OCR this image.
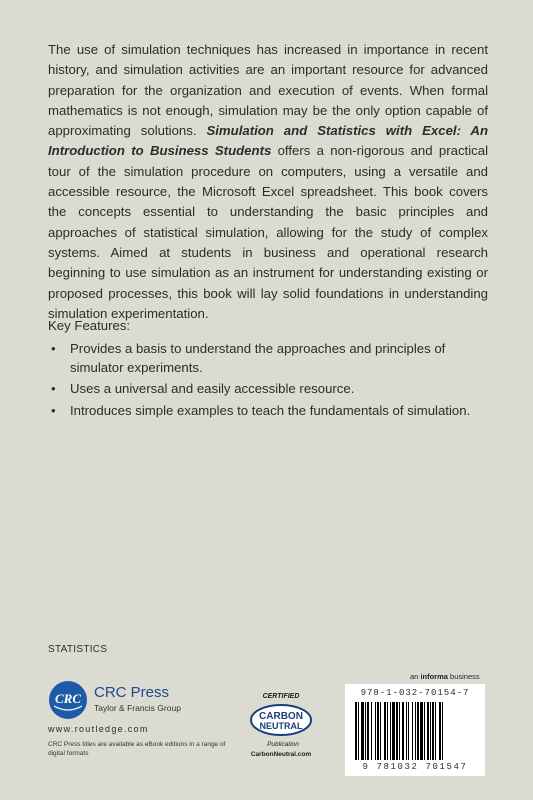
The use of simulation techniques has increased in importance in recent history, and simulation activities are an important resource for advanced preparation for the organization and execution of events. When formal mathematics is not enough, simulation may be the only option capable of approximating solutions. Simulation and Statistics with Excel: An Introduction to Business Students offers a non-rigorous and practical tour of the simulation procedure on computers, using a versatile and accessible resource, the Microsoft Excel spreadsheet. This book covers the concepts essential to understanding the basic principles and approaches of statistical simulation, allowing for the study of complex systems. Aimed at students in business and operational research beginning to use simulation as an instrument for understanding existing or proposed processes, this book will lay solid foundations in understanding simulation experimentation.

Key Features:

• Provides a basis to understand the approaches and principles of simulator experiments.
• Uses a universal and easily accessible resource.
• Introduces simple examples to teach the fundamentals of simulation.
STATISTICS
CRC CRC Press
Taylor & Francis Group
www.routledge.com
CRC Press titles are available as eBook editions in a range of digital formats
CERTIFIED
CARBON
NEUTRAL
Publication
CarbonNeutral.com
an informa business
978-1-032-70154-7
9 781032 701547
